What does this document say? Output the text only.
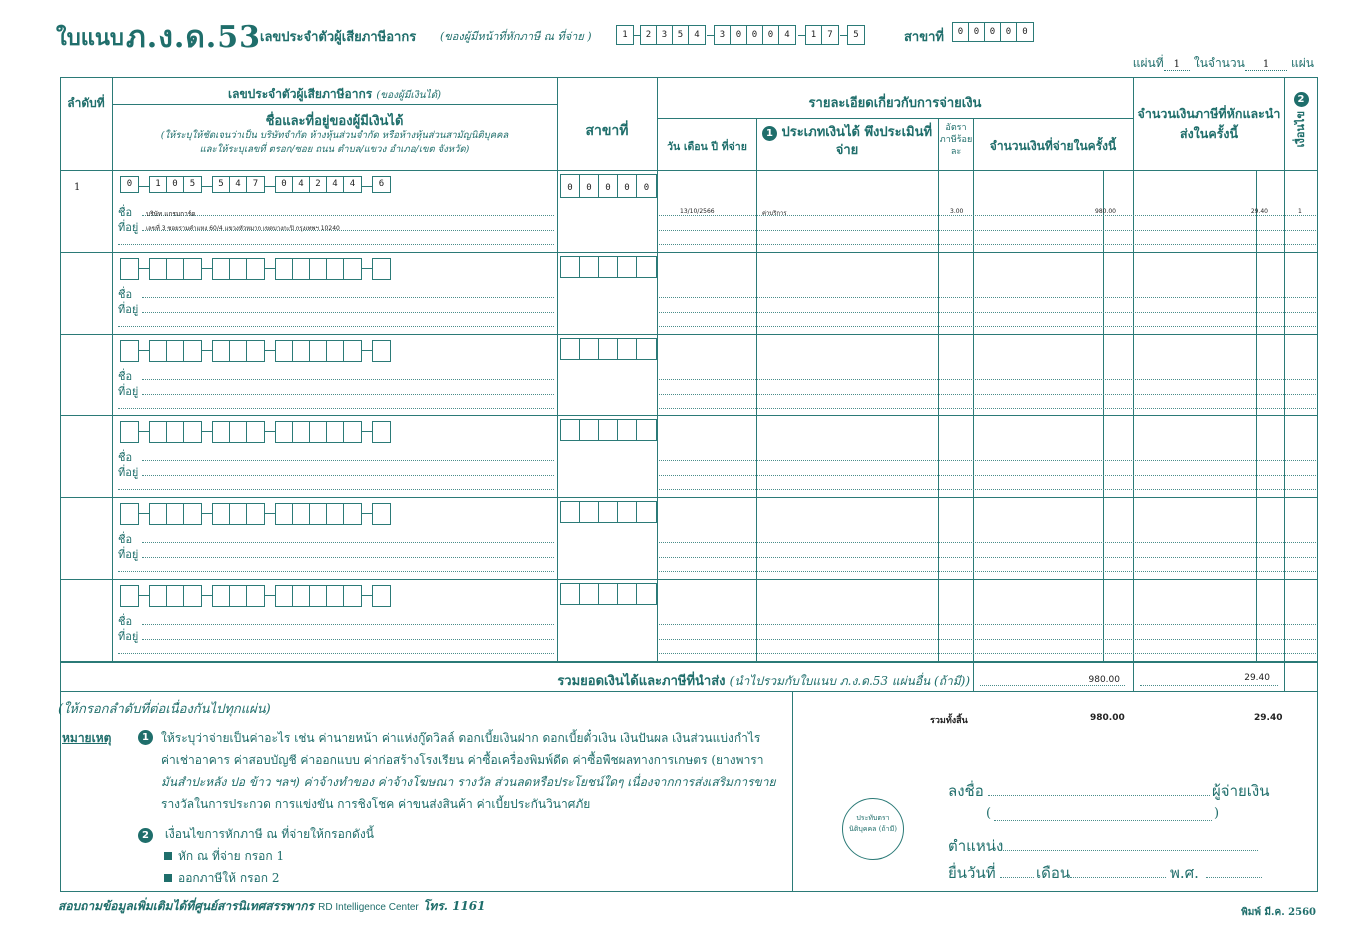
ใบแนบ ภ.ง.ด.53 เลขประจำตัวผู้เสียภาษีอากร (ของผู้มีหน้าที่หักภาษี ณ ที่จ่าย )	1	2	3	5	4	3	0	0	0	4	1	7	5	สาขาที่	0	0	0	0	0
แผ่นที่ 1 ในจำนวน 1 แผ่น
ลำดับที่
เลขประจำตัวผู้เสียภาษีอากร (ของผู้มีเงินได้)
ชื่อและที่อยู่ของผู้มีเงินได้
(ให้ระบุให้ชัดเจนว่าเป็น บริษัทจำกัด ห้างหุ้นส่วนจำกัด หรือห้างหุ้นส่วนสามัญนิติบุคคล
และให้ระบุเลขที่ ตรอก/ซอย ถนน ตำบล/แขวง อำเภอ/เขต จังหวัด)
สาขาที่
รายละเอียดเกี่ยวกับการจ่ายเงิน
วัน เดือน ปี ที่จ่าย
1 ประเภทเงินได้ พึงประเมินที่จ่าย
อัตราภาษีร้อยละ	จำนวนเงินที่จ่ายในครั้งนี้
จำนวนเงินภาษีที่หักและนำส่งในครั้งนี้
2
เงื่อนไข
0	1	0	5	5	4	7	0	4	2	4	4	6	0	0	0	0	0
ชื่อ
ที่อยู่
ชื่อ
ที่อยู่
ชื่อ
ที่อยู่
ชื่อ
ที่อยู่
ชื่อ
ที่อยู่
ชื่อ
ที่อยู่
1
บริษัท แกรมการ์ด
เลขที่ 3 ซอยรามคำแหง 60/4 แขวงหัวหมาก เขตบางกะปิ กรุงเทพฯ 10240
13/10/2566	ค่าบริการ	3.00	980.00	29.40	1
รวมยอดเงินได้และภาษีที่นำส่ง (นำไปรวมกับใบแนบ ภ.ง.ด.53 แผ่นอื่น (ถ้ามี))	980.00	29.40
(ให้กรอกลำดับที่ต่อเนื่องกันไปทุกแผ่น)
หมายเหตุ	1	ให้ระบุว่าจ่ายเป็นค่าอะไร เช่น ค่านายหน้า ค่าแห่งกู๊ดวิลล์ ดอกเบี้ยเงินฝาก ดอกเบี้ยตั๋วเงิน เงินปันผล เงินส่วนแบ่งกำไร
ค่าเช่าอาคาร ค่าสอบบัญชี ค่าออกแบบ ค่าก่อสร้างโรงเรียน ค่าซื้อเครื่องพิมพ์ดีด ค่าซื้อพืชผลทางการเกษตร (ยางพารา
มันสำปะหลัง ปอ ข้าว ฯลฯ) ค่าจ้างทำของ ค่าจ้างโฆษณา รางวัล ส่วนลดหรือประโยชน์ใดๆ เนื่องจากการส่งเสริมการขาย
รางวัลในการประกวด การแข่งขัน การชิงโชค ค่าขนส่งสินค้า ค่าเบี้ยประกันวินาศภัย
2 เงื่อนไขการหักภาษี ณ ที่จ่ายให้กรอกดังนี้
หัก ณ ที่จ่าย กรอก 1
ออกภาษีให้ กรอก 2
รวมทั้งสิ้น	980.00	29.40
ประทับตรา นิติบุคคล (ถ้ามี)
ลงชื่อ	ผู้จ่ายเงิน
(	)
ตำแหน่ง
ยื่นวันที่	เดือน	พ.ศ.
สอบถามข้อมูลเพิ่มเติมได้ที่ศูนย์สารนิเทศสรรพากร RD Intelligence Center โทร. 1161	พิมพ์ มี.ค. 2560
